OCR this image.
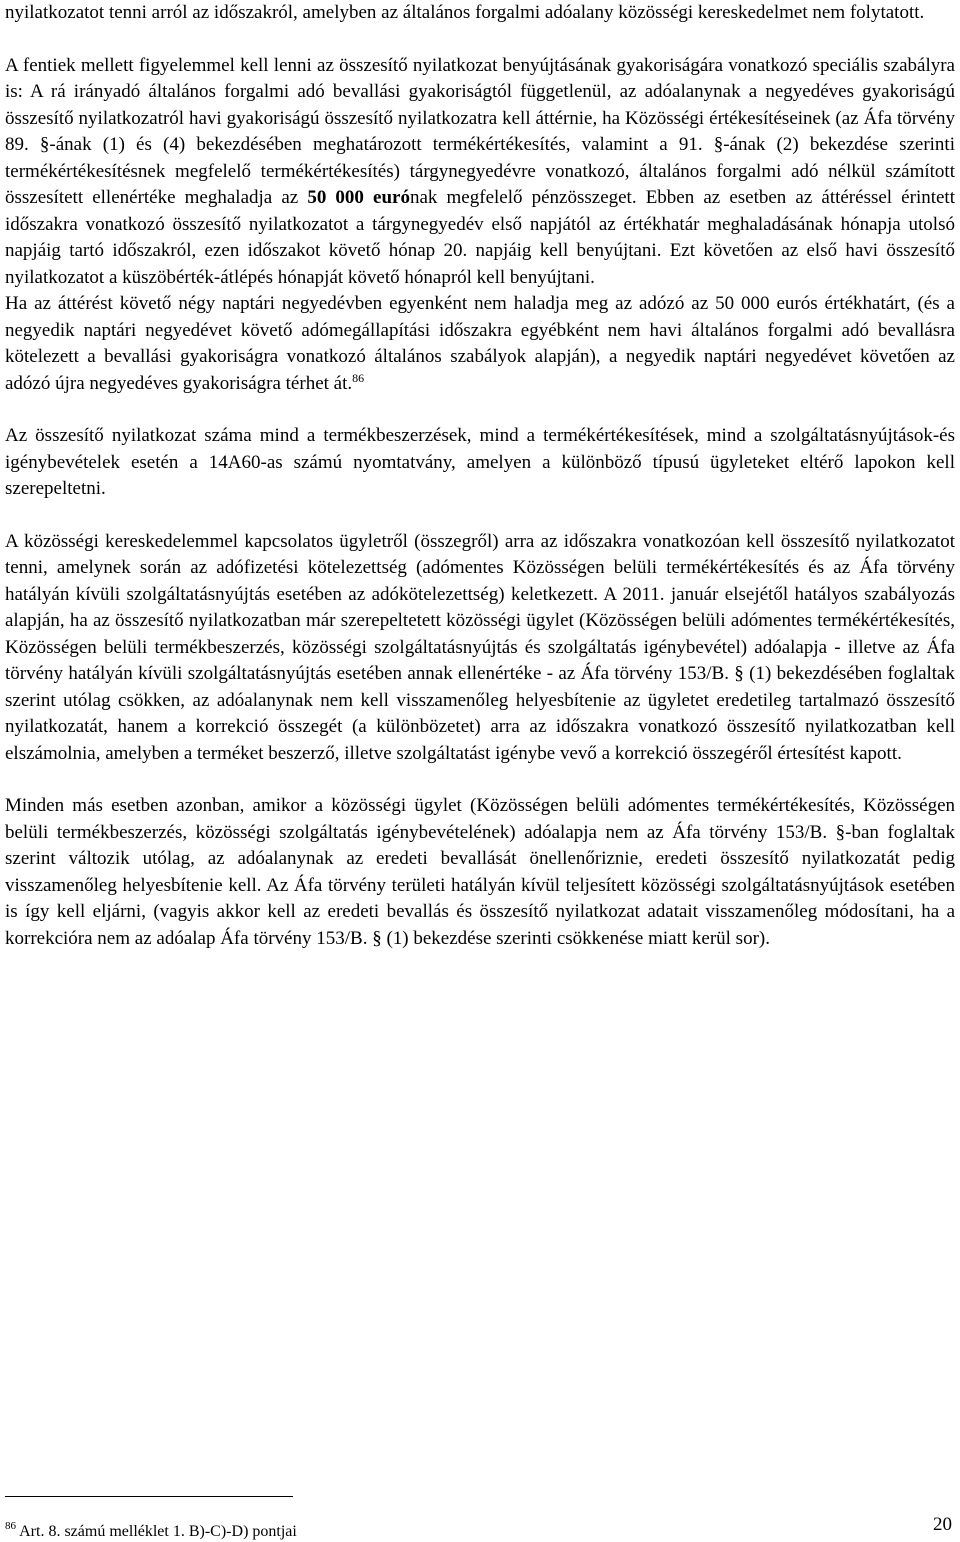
nyilatkozatot tenni arról az időszakról, amelyben az általános forgalmi adóalany közösségi kereskedelmet nem folytatott.

A fentiek mellett figyelemmel kell lenni az összesítő nyilatkozat benyújtásának gyakoriságára vonatkozó speciális szabályra is: A rá irányadó általános forgalmi adó bevallási gyakoriságtól függetlenül, az adóalanynak a negyedéves gyakoriságú összesítő nyilatkozatról havi gyakoriságú összesítő nyilatkozatra kell áttérnie, ha Közösségi értékesítéseinek (az Áfa törvény 89. §-ának (1) és (4) bekezdésében meghatározott termékértékesítés, valamint a 91. §-ának (2) bekezdése szerinti termékértékesítésnek megfelelő termékértékesítés) tárgynegyedévre vonatkozó, általános forgalmi adó nélkül számított összesített ellenértéke meghaladja az 50 000 eurónak megfelelő pénzösszeget. Ebben az esetben az áttéréssel érintett időszakra vonatkozó összesítő nyilatkozatot a tárgynegyedév első napjától az értékhatár meghaladásának hónapja utolsó napjáig tartó időszakról, ezen időszakot követő hónap 20. napjáig kell benyújtani. Ezt követően az első havi összesítő nyilatkozatot a küszöbérték-átlépés hónapját követő hónapról kell benyújtani.

Ha az áttérést követő négy naptári negyedévben egyenként nem haladja meg az adózó az 50 000 eurós értékhatárt, (és a negyedik naptári negyedévet követő adómegállapítási időszakra egyébként nem havi általános forgalmi adó bevallásra kötelezett a bevallási gyakoriságra vonatkozó általános szabályok alapján), a negyedik naptári negyedévet követően az adózó újra negyedéves gyakoriságra térhet át.$^{86}$

Az összesítő nyilatkozat száma mind a termékbeszerzések, mind a termékértékesítések, mind a szolgáltatásnyújtások-és igénybevételek esetén a 14A60-as számú nyomtatvány, amelyen a különböző típusú ügyleteket eltérő lapokon kell szerepeltetni.

A közösségi kereskedelemmel kapcsolatos ügyletről (összegről) arra az időszakra vonatkozóan kell összesítő nyilatkozatot tenni, amelynek során az adófizetési kötelezettség (adómentes Közösségen belüli termékértékesítés és az Áfa törvény hatályán kívüli szolgáltatásnyújtás esetében az adókötelezettség) keletkezett. A 2011. január elsejétől hatályos szabályozás alapján, ha az összesítő nyilatkozatban már szerepeltetett közösségi ügylet (Közösségen belüli adómentes termékértékesítés, Közösségen belüli termékbeszerzés, közösségi szolgáltatásnyújtás és szolgáltatás igénybevétel) adóalapja - illetve az Áfa törvény hatályán kívüli szolgáltatásnyújtás esetében annak ellenértéke - az Áfa törvény 153/B. § (1) bekezdésében foglaltak szerint utólag csökken, az adóalanynak nem kell visszamenőleg helyesbítenie az ügyletet eredetileg tartalmazó összesítő nyilatkozatát, hanem a korrekció összegét (a különbözetet) arra az időszakra vonatkozó összesítő nyilatkozatban kell elszámolnia, amelyben a terméket beszerző, illetve szolgáltatást igénybe vevő a korrekció összegéről értesítést kapott.

Minden más esetben azonban, amikor a közösségi ügylet (Közösségen belüli adómentes termékértékesítés, Közösségen belüli termékbeszerzés, közösségi szolgáltatás igénybevételének) adóalapja nem az Áfa törvény 153/B. §-ban foglaltak szerint változik utólag, az adóalanynak az eredeti bevallását önellenőriznie, eredeti összesítő nyilatkozatát pedig visszamenőleg helyesbítenie kell. Az Áfa törvény területi hatályán kívül teljesített közösségi szolgáltatásnyújtások esetében is így kell eljárni, (vagyis akkor kell az eredeti bevallás és összesítő nyilatkozat adatait visszamenőleg módosítani, ha a korrekcióra nem az adóalap Áfa törvény 153/B. § (1) bekezdése szerinti csökkenése miatt kerül sor).

$^{86}$ Art. 8. számú melléklet 1. B)-C)-D) pontjai	20
